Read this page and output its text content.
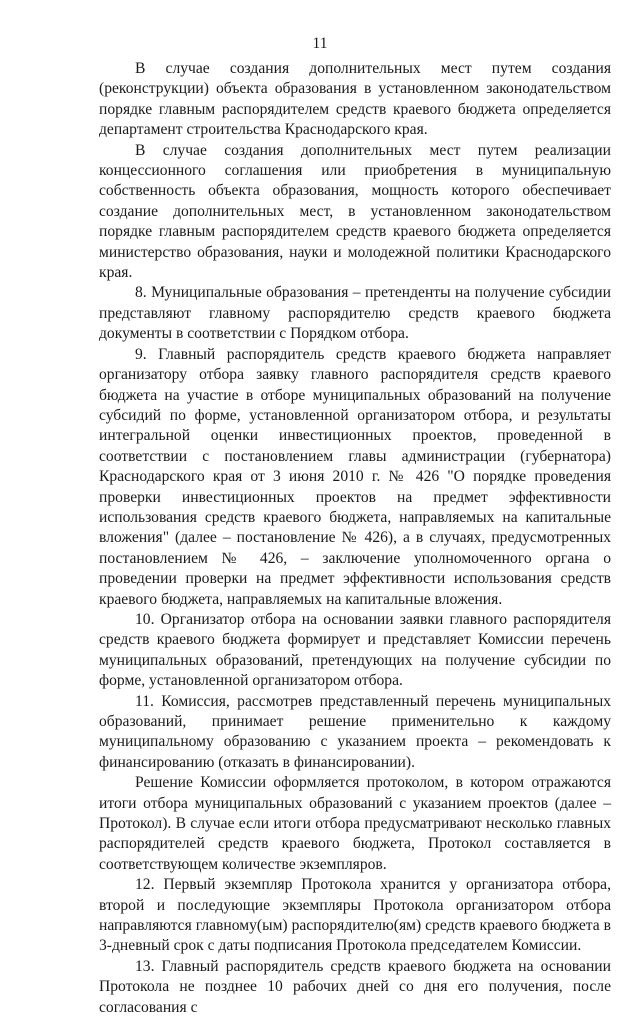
11

В случае создания дополнительных мест путем создания (реконструкции) объекта образования в установленном законодательством порядке главным распорядителем средств краевого бюджета определяется департамент строительства Краснодарского края.

В случае создания дополнительных мест путем реализации концессионного соглашения или приобретения в муниципальную собственность объекта образования, мощность которого обеспечивает создание дополнительных мест, в установленном законодательством порядке главным распорядителем средств краевого бюджета определяется министерство образования, науки и молодежной политики Краснодарского края.

8. Муниципальные образования – претенденты на получение субсидии представляют главному распорядителю средств краевого бюджета документы в соответствии с Порядком отбора.

9. Главный распорядитель средств краевого бюджета направляет организатору отбора заявку главного распорядителя средств краевого бюджета на участие в отборе муниципальных образований на получение субсидий по форме, установленной организатором отбора, и результаты интегральной оценки инвестиционных проектов, проведенной в соответствии с постановлением главы администрации (губернатора) Краснодарского края от 3 июня 2010 г. № 426 "О порядке проведения проверки инвестиционных проектов на предмет эффективности использования средств краевого бюджета, направляемых на капитальные вложения" (далее – постановление № 426), а в случаях, предусмотренных постановлением № 426, – заключение уполномоченного органа о проведении проверки на предмет эффективности использования средств краевого бюджета, направляемых на капитальные вложения.

10. Организатор отбора на основании заявки главного распорядителя средств краевого бюджета формирует и представляет Комиссии перечень муниципальных образований, претендующих на получение субсидии по форме, установленной организатором отбора.

11. Комиссия, рассмотрев представленный перечень муниципальных образований, принимает решение применительно к каждому муниципальному образованию с указанием проекта – рекомендовать к финансированию (отказать в финансировании).

Решение Комиссии оформляется протоколом, в котором отражаются итоги отбора муниципальных образований с указанием проектов (далее – Протокол). В случае если итоги отбора предусматривают несколько главных распорядителей средств краевого бюджета, Протокол составляется в соответствующем количестве экземпляров.

12. Первый экземпляр Протокола хранится у организатора отбора, второй и последующие экземпляры Протокола организатором отбора направляются главному(ым) распорядителю(ям) средств краевого бюджета в 3-дневный срок с даты подписания Протокола председателем Комиссии.

13. Главный распорядитель средств краевого бюджета на основании Протокола не позднее 10 рабочих дней со дня его получения, после согласования с
